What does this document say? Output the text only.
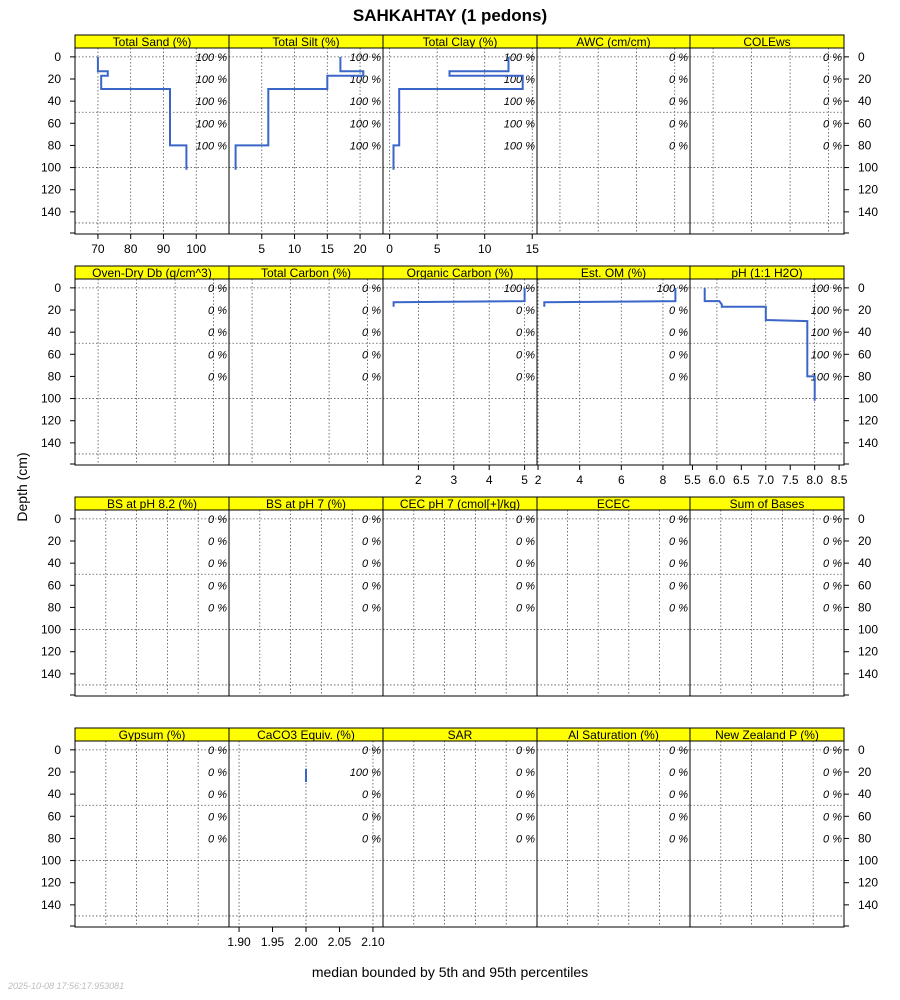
SAHKAHTAY (1 pedons)
median bounded by 5th and 95th percentiles
Depth (cm)
2025-10-08 17:56:17.953081
0	0
20	20
40	40
60	60
80	80
100	100
120	120
140	140
Total Sand (%)
100 %
100 %
100 %
100 %
100 %
70 80 90 100
Total Silt (%)
100 %
100 %
100 %
100 %
100 %
5 10 15 20
Total Clay (%)
100 %
100 %
100 %
100 %
100 %
0	5	10	15
AWC (cm/cm)
0 %
0 %
0 %
0 %
0 %
COLEws
0 %
0 %
0 %
0 %
0 %
0	0
20	20
40	40
60	60
80	80
100	100
120	120
140	140
Oven-Dry Db (g/cm^3)
0 %
0 %
0 %
0 %
0 %
Total Carbon (%)
0 %
0 %
0 %
0 %
0 %
Organic Carbon (%)
100 %
0 %
0 %
0 %
0 %
2 3 4 5
Est. OM (%)
100 %
0 %
0 %
0 %
0 %
2	4	6	8
pH (1:1 H2O)
100 %
100 %
100 %
100 %
100 %
5.5 6.0 6.5 7.0 7.5 8.0 8.5
0	0
20	20
40	40
60	60
80	80
100	100
120	120
140	140
BS at pH 8.2 (%)
0 %
0 %
0 %
0 %
0 %
BS at pH 7 (%)
0 %
0 %
0 %
0 %
0 %
CEC pH 7 (cmol[+]/kg)
0 %
0 %
0 %
0 %
0 %
ECEC
0 %
0 %
0 %
0 %
0 %
Sum of Bases
0 %
0 %
0 %
0 %
0 %
0	0
20	20
40	40
60	60
80	80
100	100
120	120
140	140
Gypsum (%)
0 %
0 %
0 %
0 %
0 %
CaCO3 Equiv. (%)
0 %
100 %
0 %
0 %
0 %
1.90 1.95 2.00 2.05 2.10
SAR
0 %
0 %
0 %
0 %
0 %
Al Saturation (%)
0 %
0 %
0 %
0 %
0 %
New Zealand P (%)
0 %
0 %
0 %
0 %
0 %
